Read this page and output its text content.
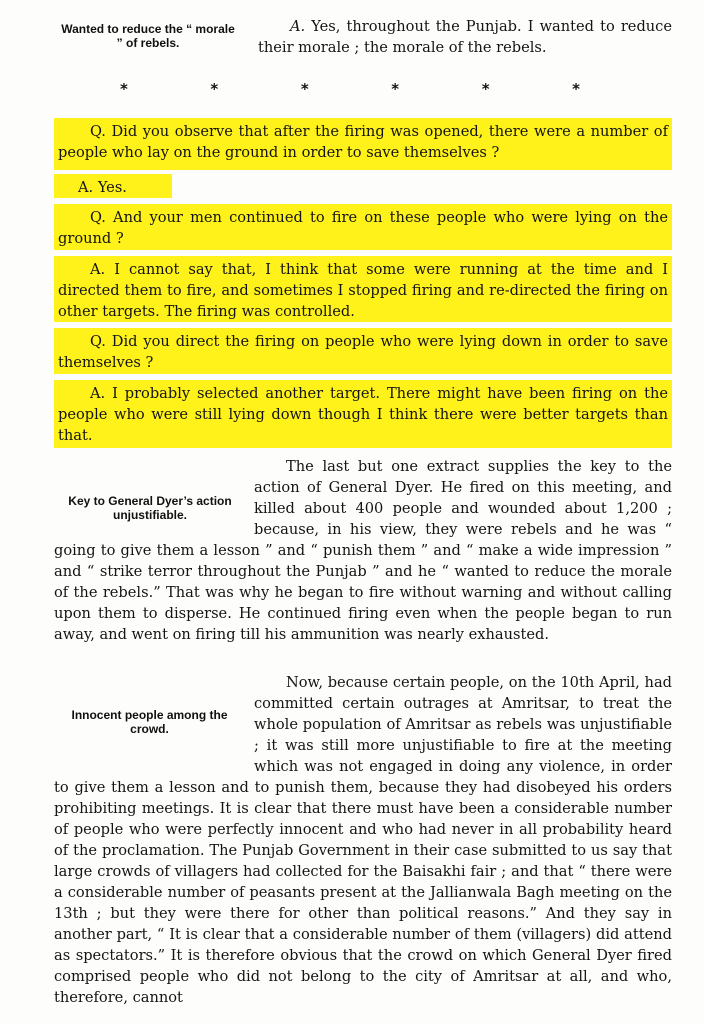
Wanted to reduce the “ morale ” of rebels.

A. Yes, throughout the Punjab. I wanted to reduce their morale ; the morale of the rebels.

*	*	*	*	*	*
Q. Did you observe that after the firing was opened, there were a number of people who lay on the ground in order to save themselves ?
A. Yes.
Q. And your men continued to fire on these people who were lying on the ground ?
A. I cannot say that, I think that some were running at the time and I directed them to fire, and sometimes I stopped firing and re-directed the firing on other targets. The firing was controlled.
Q. Did you direct the firing on people who were lying down in order to save themselves ?
A. I probably selected another target. There might have been firing on the people who were still lying down though I think there were better targets than that.
Key to General Dyer’s action unjustifiable.

The last but one extract supplies the key to the action of General Dyer. He fired on this meeting, and killed about 400 people and wounded about 1,200 ; because, in his view, they were rebels and he was “ going to give them a lesson ” and “ punish them ” and “ make a wide impression ” and “ strike terror throughout the Punjab ” and he “ wanted to reduce the morale of the rebels.” That was why he began to fire without warning and without calling upon them to disperse. He continued firing even when the people began to run away, and went on firing till his ammunition was nearly exhausted.

Innocent people among the crowd.

Now, because certain people, on the 10th April, had committed certain outrages at Amritsar, to treat the whole population of Amritsar as rebels was unjustifiable ; it was still more unjustifiable to fire at the meeting which was not engaged in doing any violence, in order to give them a lesson and to punish them, because they had disobeyed his orders prohibiting meetings. It is clear that there must have been a considerable number of people who were perfectly innocent and who had never in all probability heard of the proclamation. The Punjab Government in their case submitted to us say that large crowds of villagers had collected for the Baisakhi fair ; and that “ there were a considerable number of peasants present at the Jallianwala Bagh meeting on the 13th ; but they were there for other than political reasons.” And they say in another part, “ It is clear that a considerable number of them (villagers) did attend as spectators.” It is therefore obvious that the crowd on which General Dyer fired comprised people who did not belong to the city of Amritsar at all, and who, therefore, cannot
